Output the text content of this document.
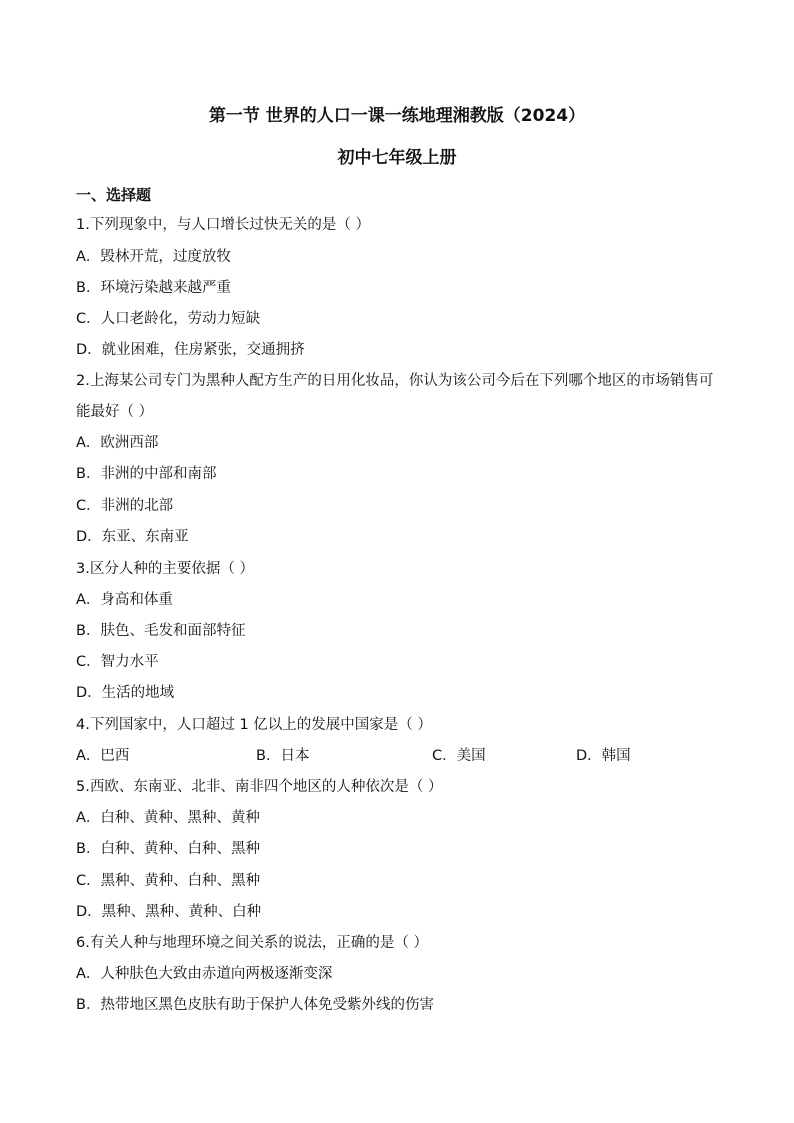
第一节 世界的人口一课一练地理湘教版（2024）
初中七年级上册
一、选择题
1.下列现象中，与人口增长过快无关的是（ ）
A．毁林开荒，过度放牧
B．环境污染越来越严重
C．人口老龄化，劳动力短缺
D．就业困难，住房紧张，交通拥挤
2.上海某公司专门为黑种人配方生产的日用化妆品，你认为该公司今后在下列哪个地区的市场销售可
能最好（ ）
A．欧洲西部
B．非洲的中部和南部
C．非洲的北部
D．东亚、东南亚
3.区分人种的主要依据（ ）
A．身高和体重
B．肤色、毛发和面部特征
C．智力水平
D．生活的地域
4.下列国家中，人口超过 1 亿以上的发展中国家是（ ）
A．巴西	B．日本	C．美国	D．韩国
5.西欧、东南亚、北非、南非四个地区的人种依次是（ ）
A．白种、黄种、黑种、黄种
B．白种、黄种、白种、黑种
C．黑种、黄种、白种、黑种
D．黑种、黑种、黄种、白种
6.有关人种与地理环境之间关系的说法，正确的是（ ）
A．人种肤色大致由赤道向两极逐渐变深
B．热带地区黑色皮肤有助于保护人体免受紫外线的伤害
